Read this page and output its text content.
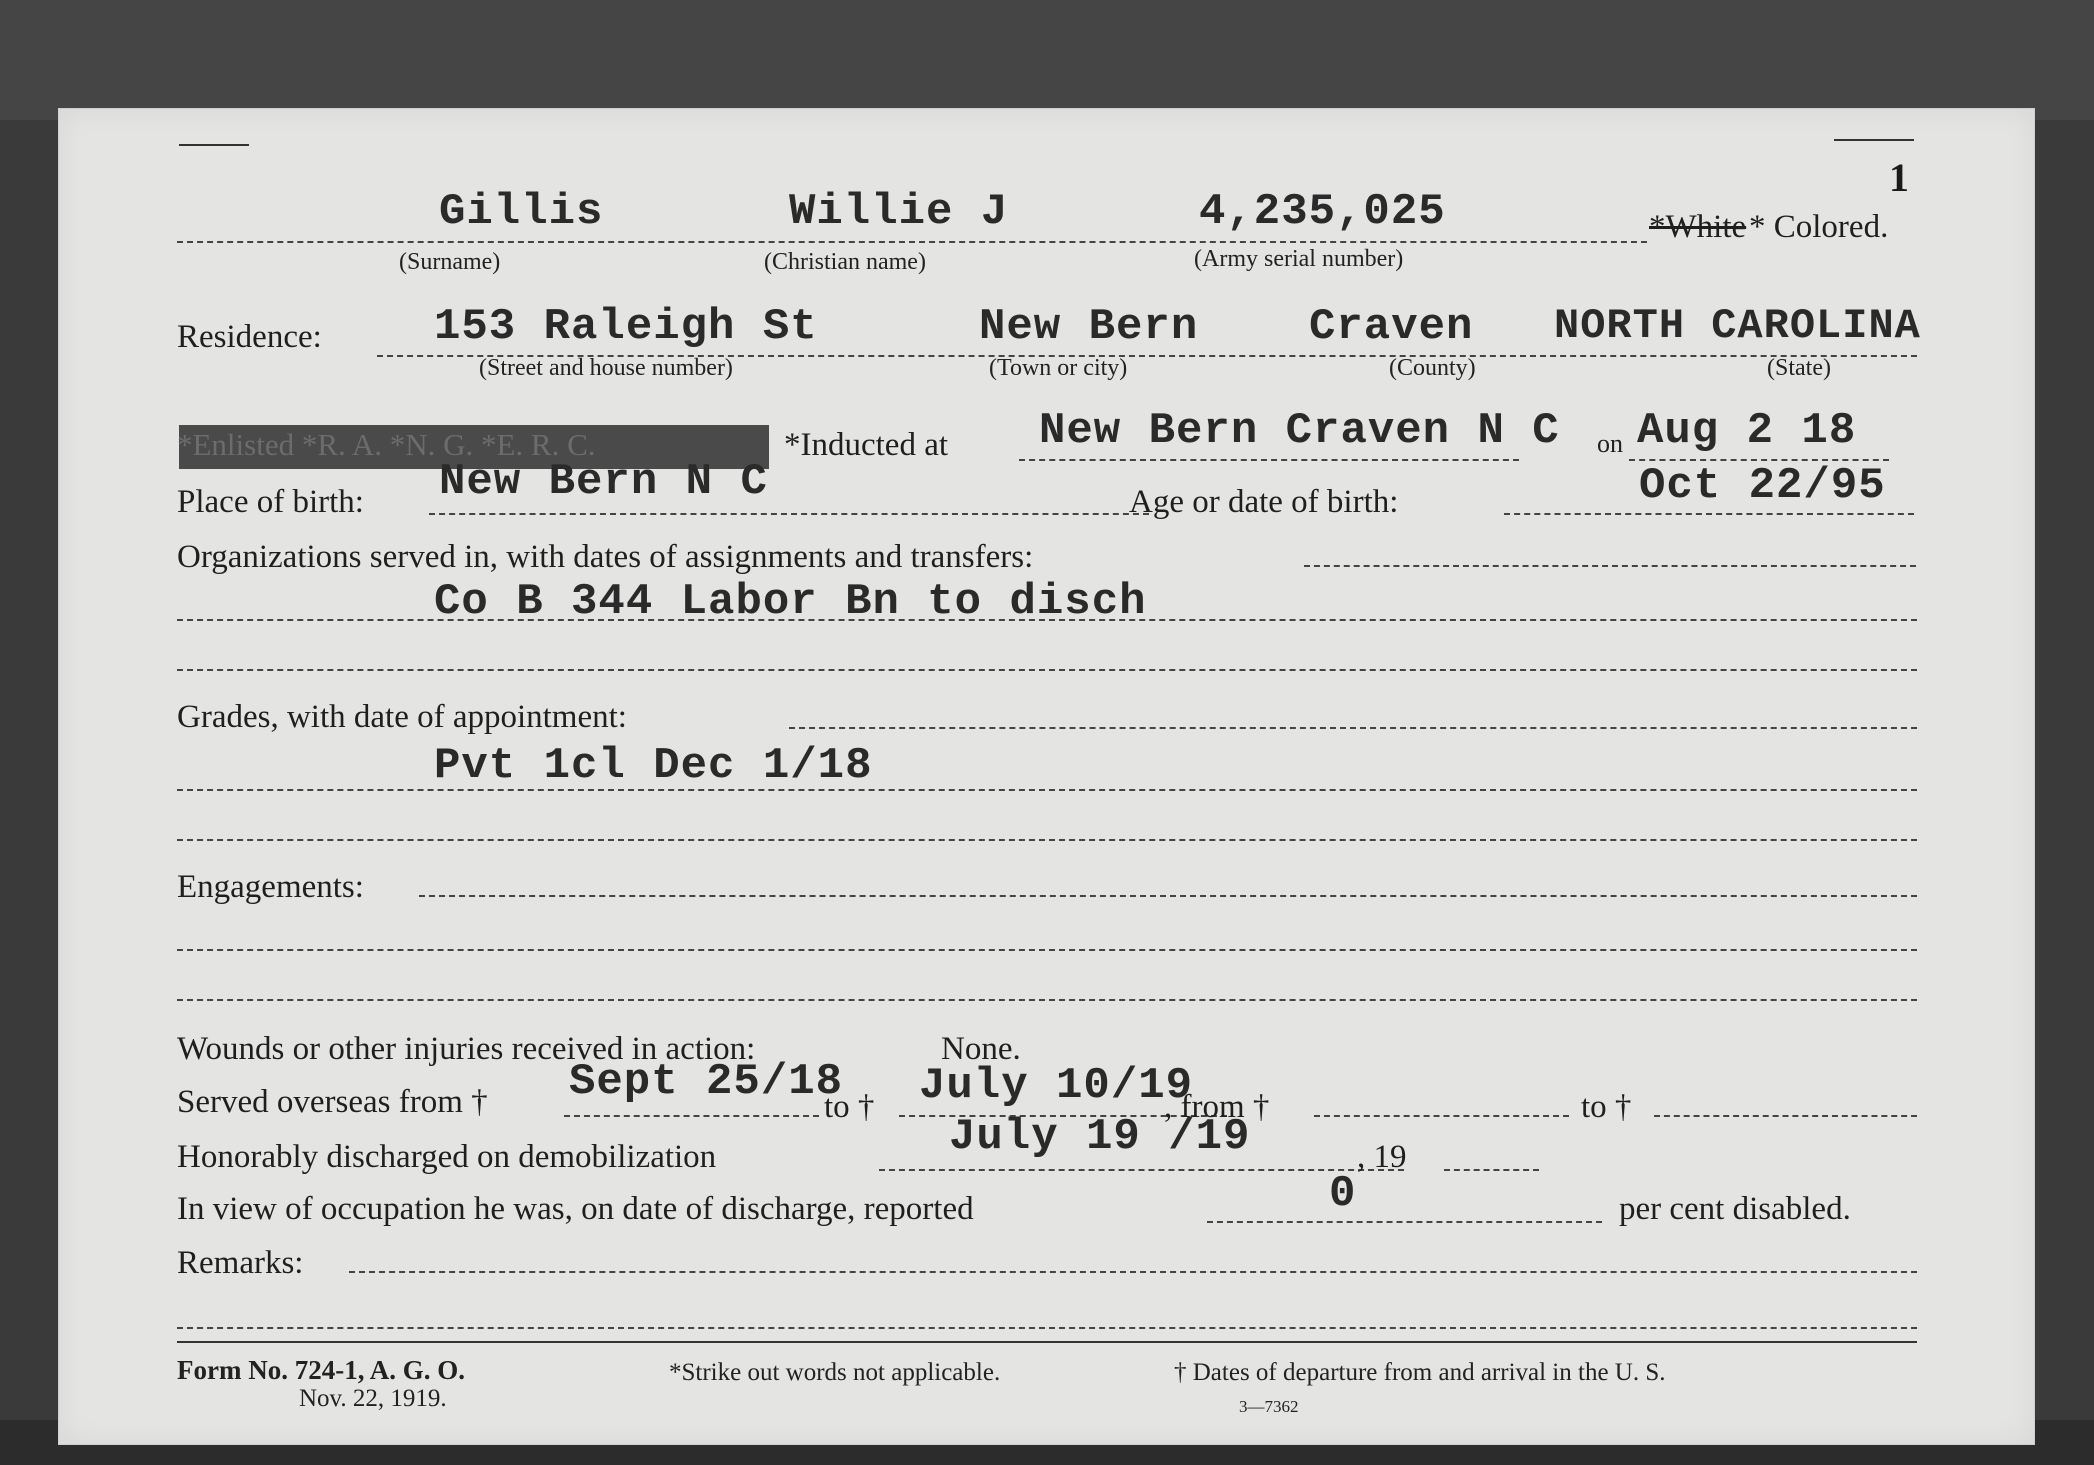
1
Gillis	Willie J	4,235,025	*White * Colored.
(Surname)	(Christian name)	(Army serial number)
Residence:	153 Raleigh St	New Bern	Craven NORTH CAROLINA
(Street and house number)	(Town or city)	(County)	(State)
*Enlisted *R. A. *N. G. *E. R. C.	*Inducted at New Bern Craven N C on Aug 2 18
Place of birth: New Bern N C	Age or date of birth:	Oct 22/95
Organizations served in, with dates of assignments and transfers:
Co B 344 Labor Bn to disch
Grades, with date of appointment:
Pvt 1cl Dec 1/18
Engagements:
Wounds or other injuries received in action:	None.
Served overseas from † Sept 25/18
to † July 10/19
, from †	to †
Honorably discharged on demobilization	July 19 /19	, 19
In view of occupation he was, on date of discharge, reported	0	per cent disabled.
Remarks:
Form No. 724-1, A. G. O.
Nov. 22, 1919.
*Strike out words not applicable.	† Dates of departure from and arrival in the U. S.
3—7362
